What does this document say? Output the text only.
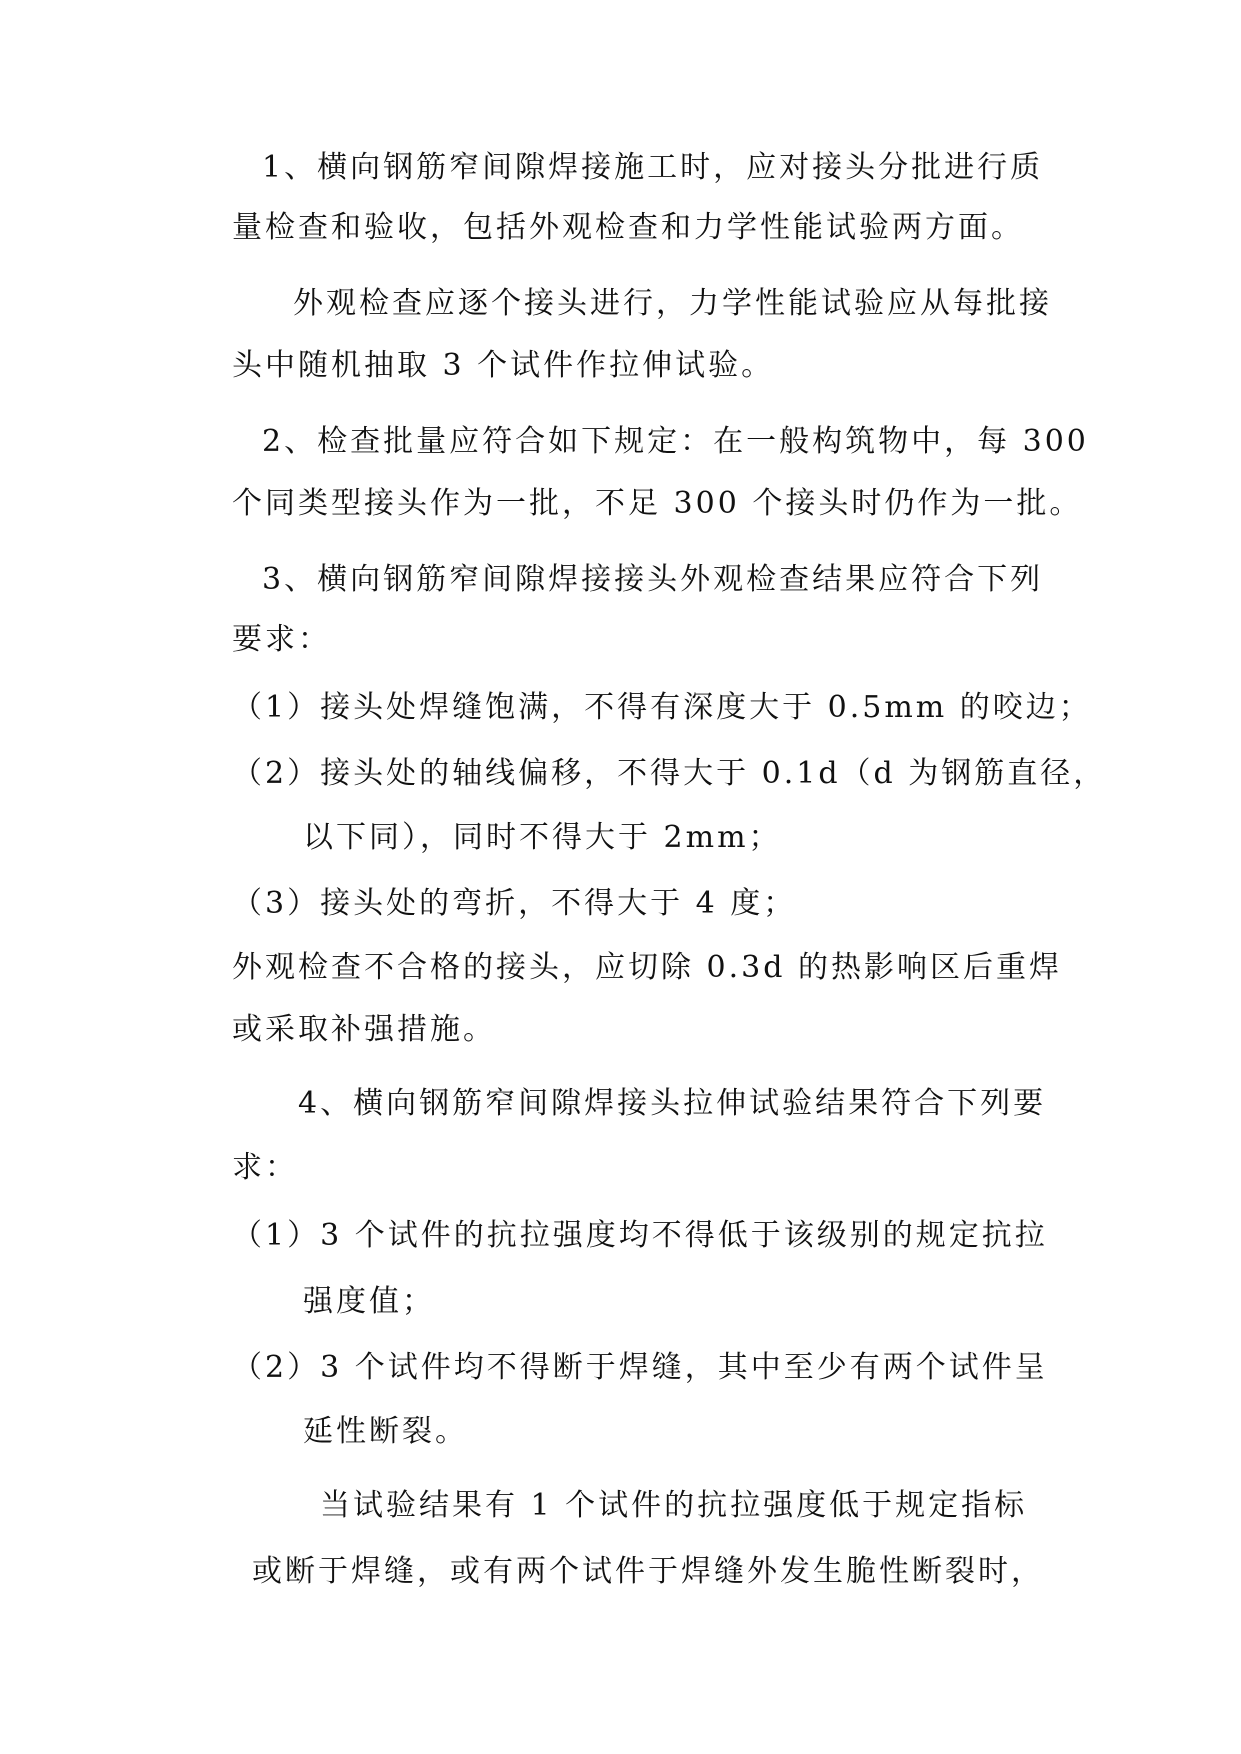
1、横向钢筋窄间隙焊接施工时，应对接头分批进行质
量检查和验收，包括外观检查和力学性能试验两方面。
外观检查应逐个接头进行，力学性能试验应从每批接
头中随机抽取 3 个试件作拉伸试验。
2、检查批量应符合如下规定：在一般构筑物中，每 300
个同类型接头作为一批，不足 300 个接头时仍作为一批。
3、横向钢筋窄间隙焊接接头外观检查结果应符合下列
要求：
（1）接头处焊缝饱满，不得有深度大于 0.5mm 的咬边；
（2）接头处的轴线偏移，不得大于 0.1d（d 为钢筋直径，
以下同），同时不得大于 2mm；
（3）接头处的弯折，不得大于 4 度；
外观检查不合格的接头，应切除 0.3d 的热影响区后重焊
或采取补强措施。
4、横向钢筋窄间隙焊接头拉伸试验结果符合下列要
求：
（1）3 个试件的抗拉强度均不得低于该级别的规定抗拉
强度值；
（2）3 个试件均不得断于焊缝，其中至少有两个试件呈
延性断裂。
当试验结果有 1 个试件的抗拉强度低于规定指标
或断于焊缝，或有两个试件于焊缝外发生脆性断裂时，
